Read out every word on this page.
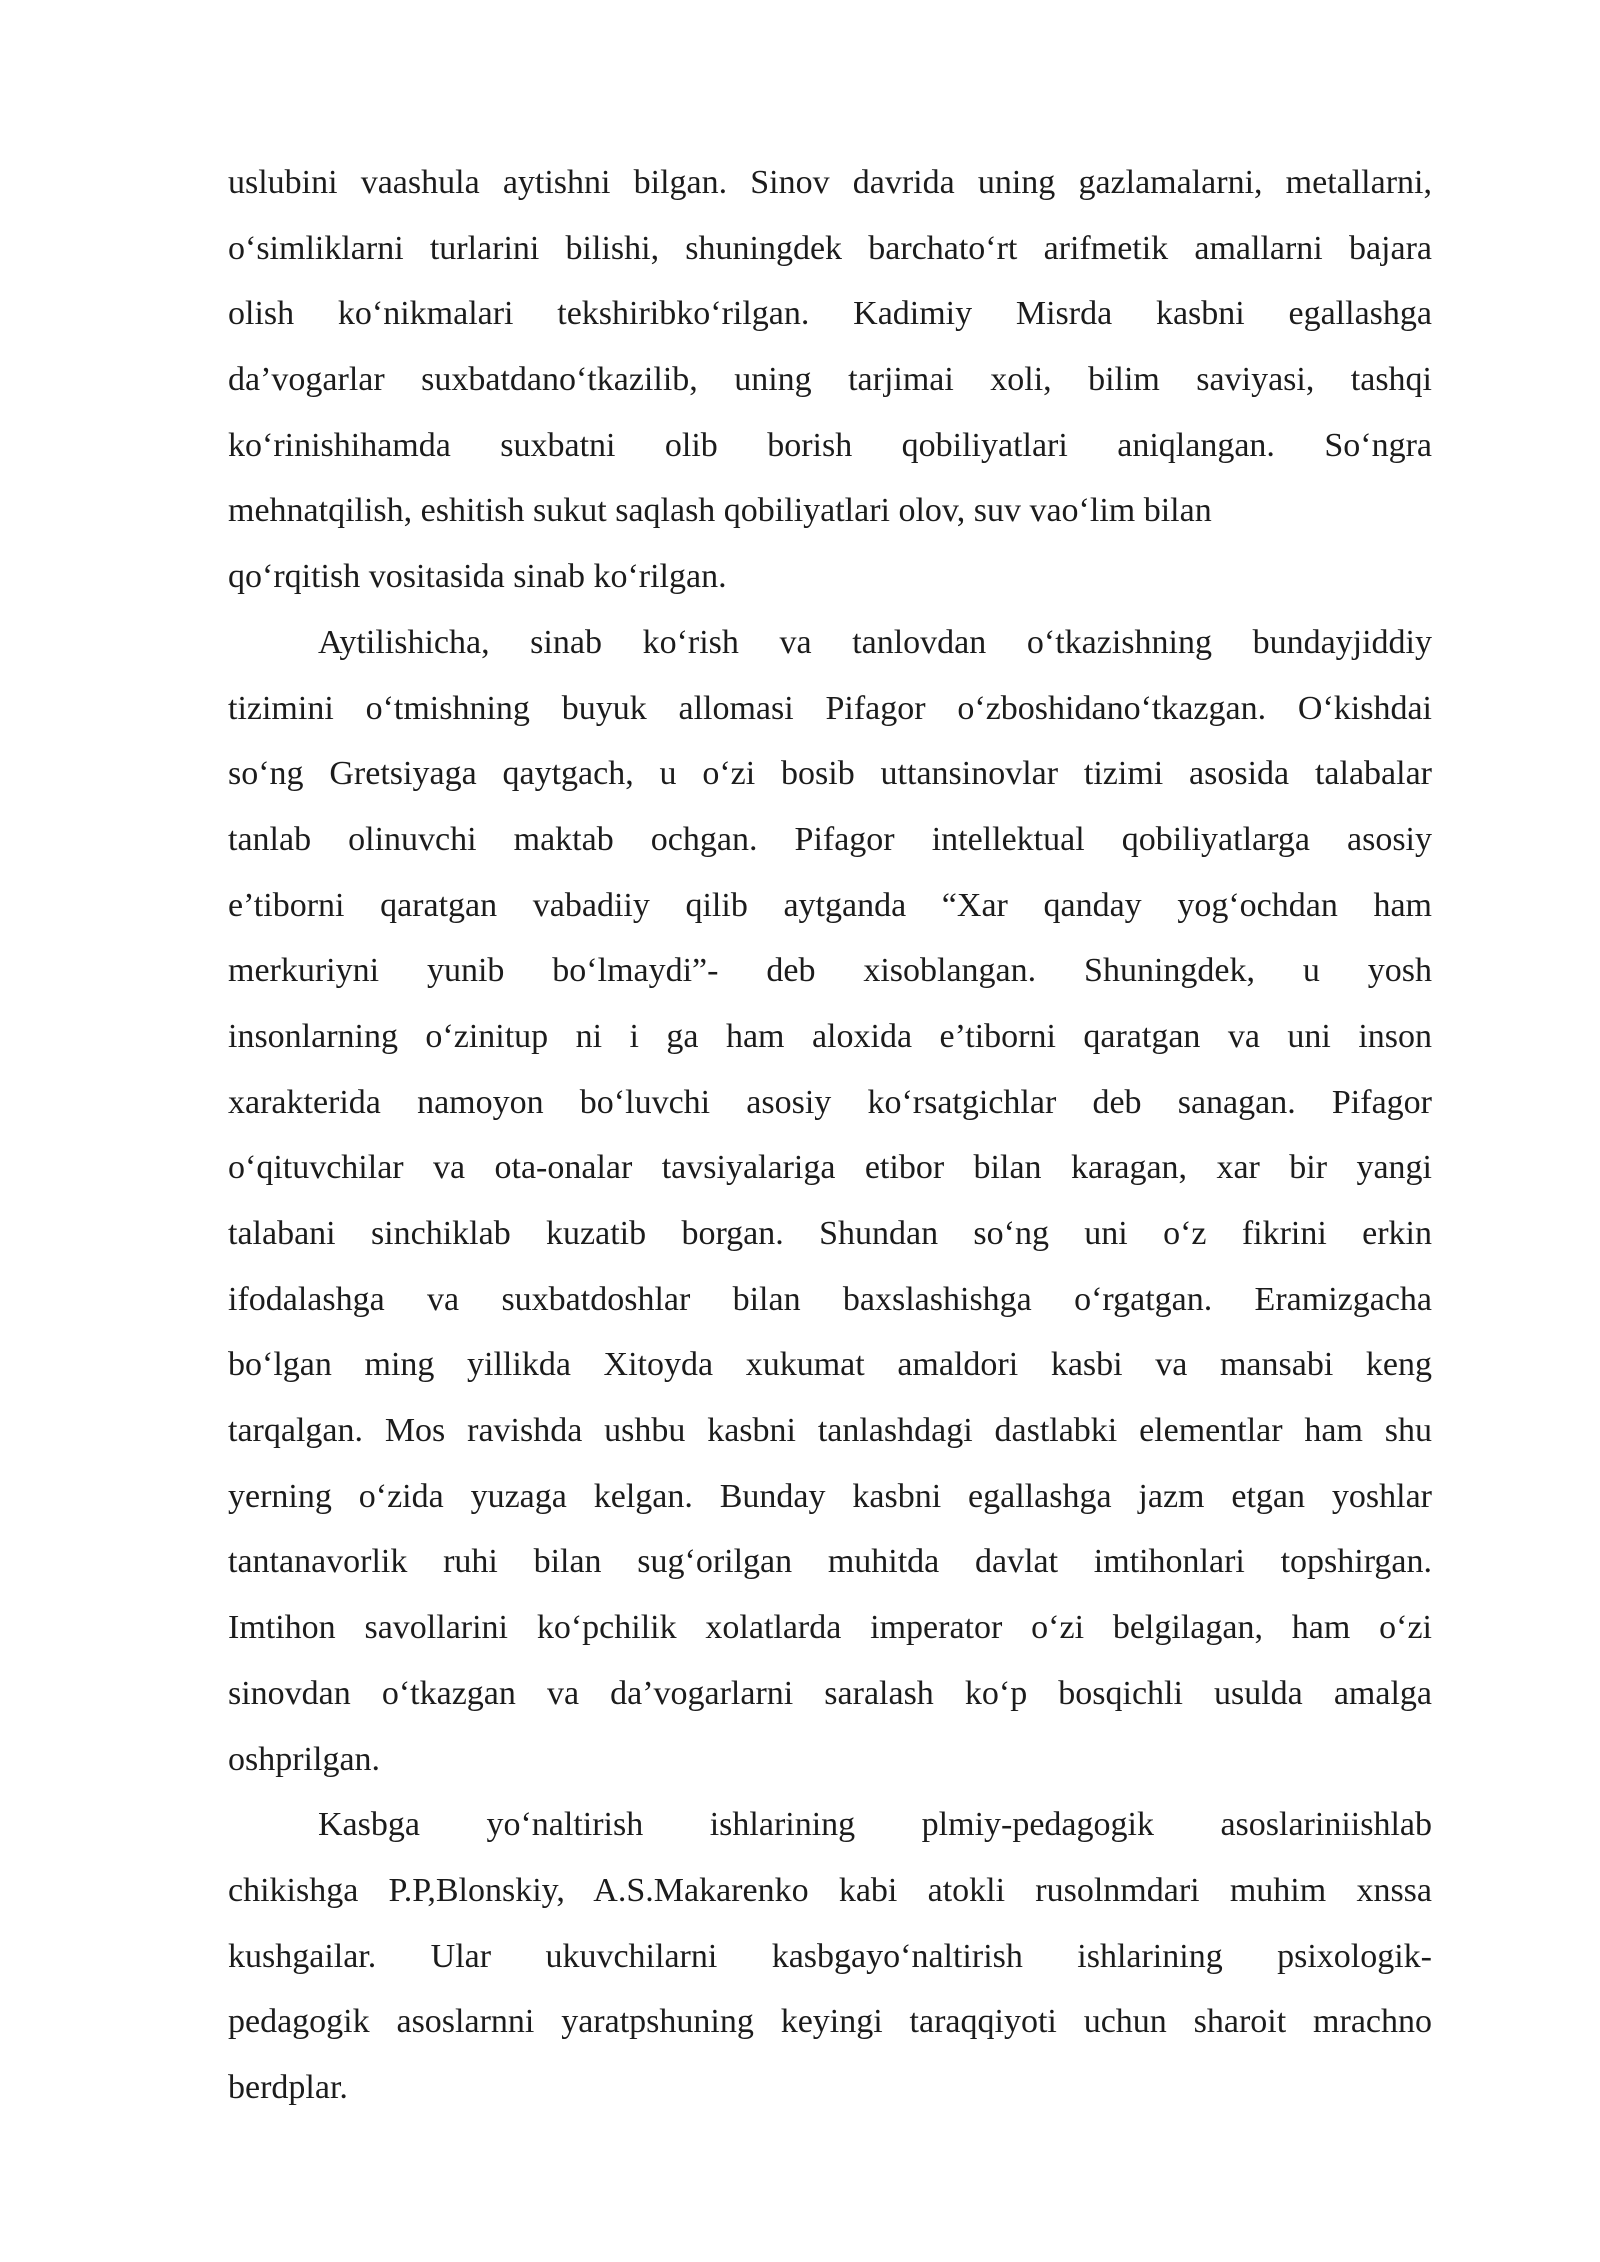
uslubini vaashula aytishni bilgan. Sinov davrida uning gazlamalarni, metallarni,
o‘simliklarni turlarini bilishi, shuningdek barchato‘rt arifmetik amallarni bajara
olish ko‘nikmalari tekshiribko‘rilgan. Kadimiy Misrda kasbni egallashga
da’vogarlar suxbatdano‘tkazilib, uning tarjimai xoli, bilim saviyasi, tashqi
ko‘rinishihamda suxbatni olib borish qobiliyatlari aniqlangan. So‘ngra
mehnatqilish, eshitish sukut saqlash qobiliyatlari olov, suv vao‘lim bilan
qo‘rqitish vositasida sinab ko‘rilgan.
Aytilishicha, sinab ko‘rish va tanlovdan o‘tkazishning bundayjiddiy
tizimini o‘tmishning buyuk allomasi Pifagor o‘zboshidano‘tkazgan. O‘kishdai
so‘ng Gretsiyaga qaytgach, u o‘zi bosib uttansinovlar tizimi asosida talabalar
tanlab olinuvchi maktab ochgan. Pifagor intellektual qobiliyatlarga asosiy
e’tiborni qaratgan vabadiiy qilib aytganda “Xar qanday yog‘ochdan ham
merkuriyni yunib bo‘lmaydi”- deb xisoblangan. Shuningdek, u yosh
insonlarning o‘zinitup ni i ga ham aloxida e’tiborni qaratgan va uni inson
xarakterida namoyon bo‘luvchi asosiy ko‘rsatgichlar deb sanagan. Pifagor
o‘qituvchilar va ota-onalar tavsiyalariga etibor bilan karagan, xar bir yangi
talabani sinchiklab kuzatib borgan. Shundan so‘ng uni o‘z fikrini erkin
ifodalashga va suxbatdoshlar bilan baxslashishga o‘rgatgan. Eramizgacha
bo‘lgan ming yillikda Xitoyda xukumat amaldori kasbi va mansabi keng
tarqalgan. Mos ravishda ushbu kasbni tanlashdagi dastlabki elementlar ham shu
yerning o‘zida yuzaga kelgan. Bunday kasbni egallashga jazm etgan yoshlar
tantanavorlik ruhi bilan sug‘orilgan muhitda davlat imtihonlari topshirgan.
Imtihon savollarini ko‘pchilik xolatlarda imperator o‘zi belgilagan, ham o‘zi
sinovdan o‘tkazgan va da’vogarlarni saralash ko‘p bosqichli usulda amalga
oshprilgan.
Kasbga yo‘naltirish ishlarining plmiy-pedagogik asoslariniishlab
chikishga P.P,Blonskiy, A.S.Makarenko kabi atokli rusolnmdari muhim xnssa
kushgailar. Ular ukuvchilarni kasbgayo‘naltirish ishlarining psixologik-
pedagogik asoslarnni yaratpshuning keyingi taraqqiyoti uchun sharoit mrachno
berdplar.
